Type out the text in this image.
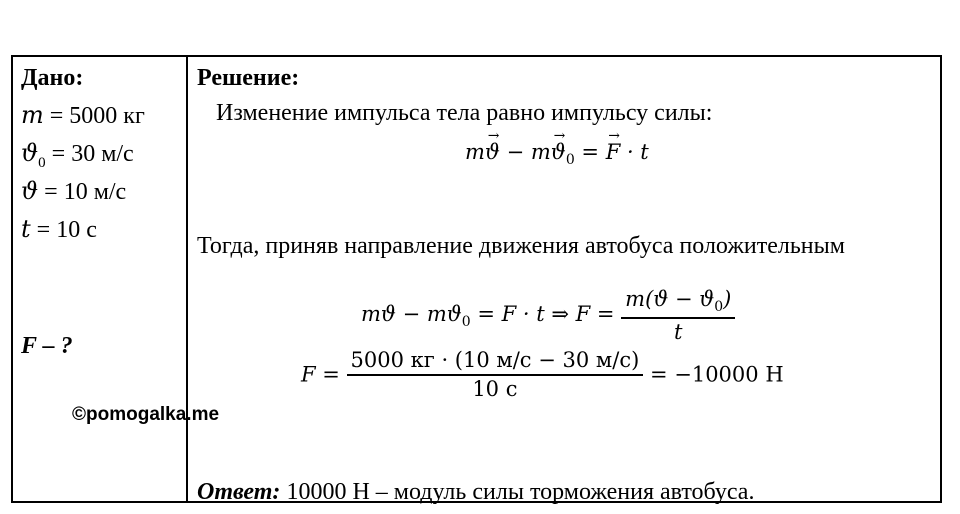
Дано:
m = 5000 кг
$ϑ_0 = 30$ м/с
ϑ = 10 м/с
t = 10 с
F – ?
Решение:
Изменение импульса тела равно импульсу силы:
mϑ → − $mϑ \to_0 = F$ → · t
Тогда, приняв направление движения автобуса положительным
$mϑ - mϑ_0 = F \cdot t$ ⇒ $F = \frac{m(ϑ - ϑ_0)}{t}$
$F = \frac{5000 кг \cdot (10 м/с - 30 м/с)}{10 с} = -10000$ Н
Ответ: 10000 Н – модуль силы торможения автобуса.
©pomogalka.me
